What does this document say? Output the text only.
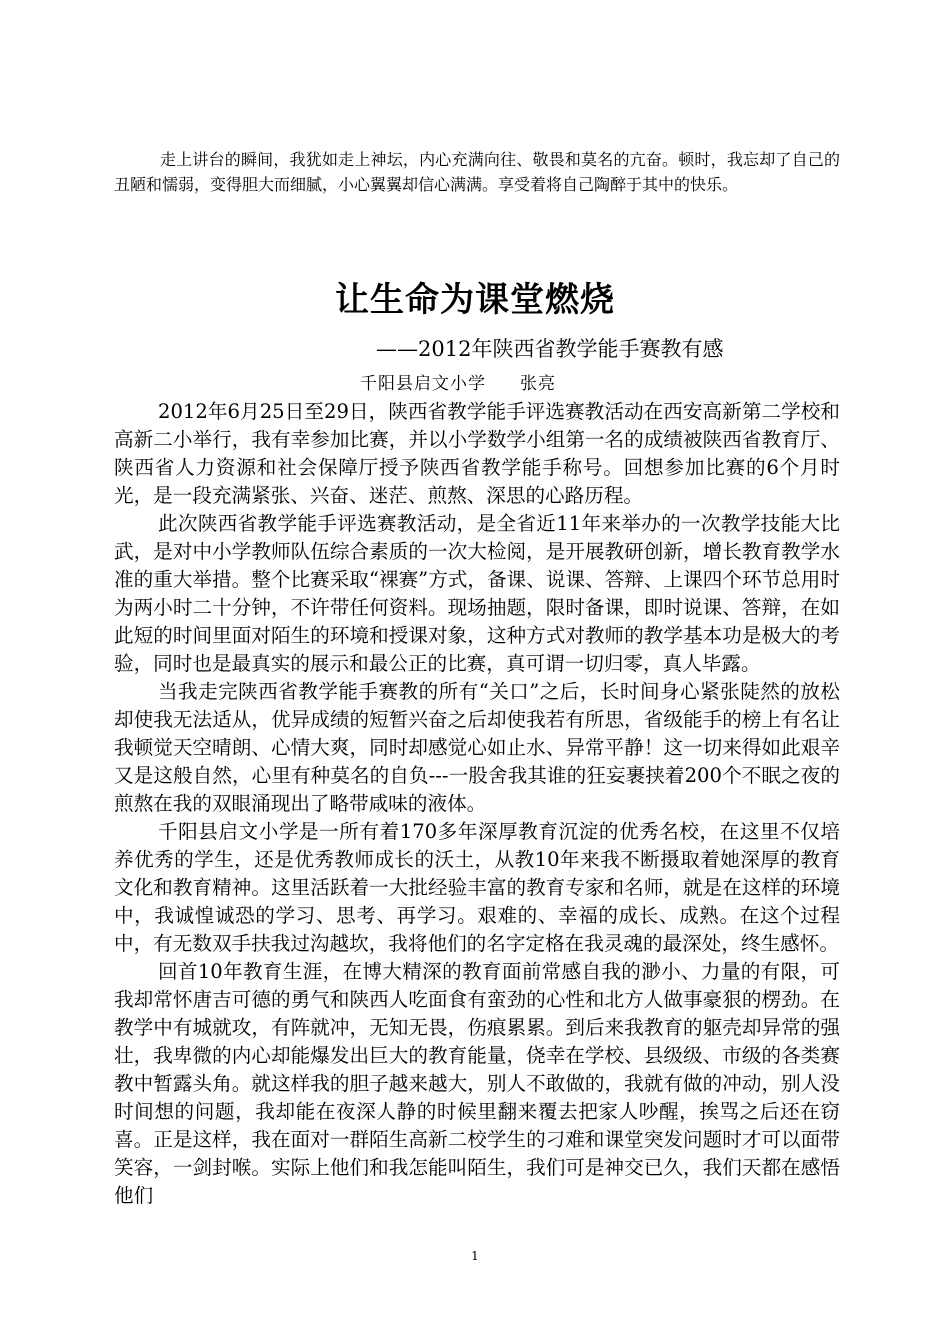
走上讲台的瞬间，我犹如走上神坛，内心充满向往、敬畏和莫名的亢奋。顿时，我忘却了自己的丑陋和懦弱，变得胆大而细腻，小心翼翼却信心满满。享受着将自己陶醉于其中的快乐。

让生命为课堂燃烧

——2012年陕西省教学能手赛教有感

千阳县启文小学 张亮

2012年6月25日至29日，陕西省教学能手评选赛教活动在西安高新第二学校和高新二小举行，我有幸参加比赛，并以小学数学小组第一名的成绩被陕西省教育厅、陕西省人力资源和社会保障厅授予陕西省教学能手称号。回想参加比赛的6个月时光，是一段充满紧张、兴奋、迷茫、煎熬、深思的心路历程。

此次陕西省教学能手评选赛教活动，是全省近11年来举办的一次教学技能大比武，是对中小学教师队伍综合素质的一次大检阅，是开展教研创新，增长教育教学水准的重大举措。整个比赛采取“裸赛”方式，备课、说课、答辩、上课四个环节总用时为两小时二十分钟，不许带任何资料。现场抽题，限时备课，即时说课、答辩，在如此短的时间里面对陌生的环境和授课对象，这种方式对教师的教学基本功是极大的考验，同时也是最真实的展示和最公正的比赛，真可谓一切归零，真人毕露。

当我走完陕西省教学能手赛教的所有“关口”之后，长时间身心紧张陡然的放松却使我无法适从，优异成绩的短暂兴奋之后却使我若有所思，省级能手的榜上有名让我顿觉天空晴朗、心情大爽，同时却感觉心如止水、异常平静！这一切来得如此艰辛又是这般自然，心里有种莫名的自负---一股舍我其谁的狂妄裹挟着200个不眠之夜的煎熬在我的双眼涌现出了略带咸味的液体。

千阳县启文小学是一所有着170多年深厚教育沉淀的优秀名校，在这里不仅培养优秀的学生，还是优秀教师成长的沃土，从教10年来我不断摄取着她深厚的教育文化和教育精神。这里活跃着一大批经验丰富的教育专家和名师，就是在这样的环境中，我诚惶诚恐的学习、思考、再学习。艰难的、幸福的成长、成熟。在这个过程中，有无数双手扶我过沟越坎，我将他们的名字定格在我灵魂的最深处，终生感怀。

回首10年教育生涯，在博大精深的教育面前常感自我的渺小、力量的有限，可我却常怀唐吉可德的勇气和陕西人吃面食有蛮劲的心性和北方人做事豪狠的楞劲。在教学中有城就攻，有阵就冲，无知无畏，伤痕累累。到后来我教育的躯壳却异常的强壮，我卑微的内心却能爆发出巨大的教育能量，侥幸在学校、县级级、市级的各类赛教中暂露头角。就这样我的胆子越来越大，别人不敢做的，我就有做的冲动，别人没时间想的问题，我却能在夜深人静的时候里翻来覆去把家人吵醒，挨骂之后还在窃喜。正是这样，我在面对一群陌生高新二校学生的刁难和课堂突发问题时才可以面带笑容，一剑封喉。实际上他们和我怎能叫陌生，我们可是神交已久，我们天都在感悟他们

1
